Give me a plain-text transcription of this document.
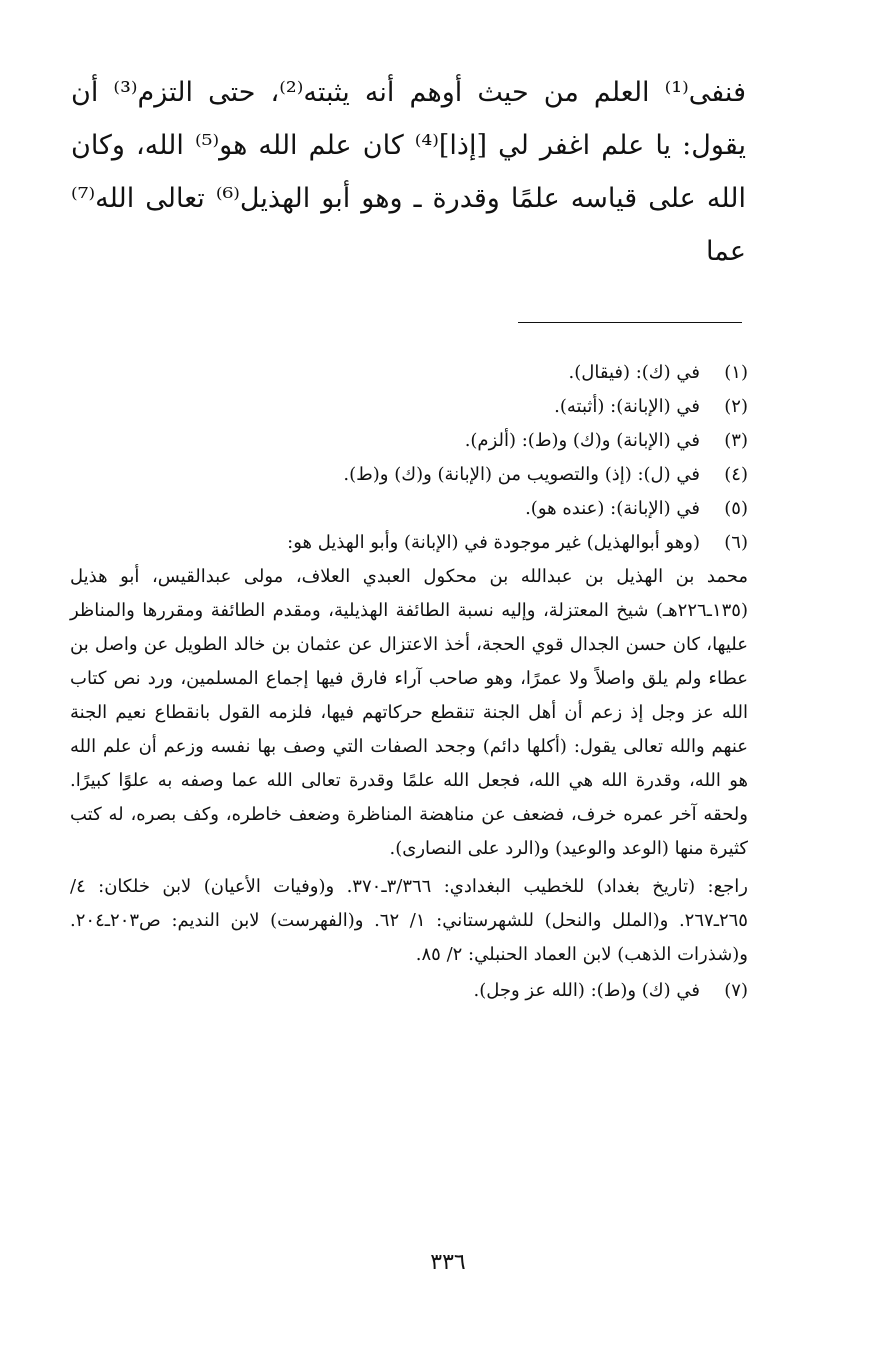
فنفى⁽¹⁾ العلم من حيث أوهم أنه يثبته⁽²⁾، حتى التزم⁽³⁾ أن يقول: يا علم اغفر لي [إذا]⁽⁴⁾ كان علم الله هو⁽⁵⁾ الله، وكان الله على قياسه علمًا وقدرة ـ وهو أبو الهذيل⁽⁶⁾ تعالى الله⁽⁷⁾ عما

(١)
في (ك): (فيقال).
(٢)
في (الإبانة): (أثبته).
(٣)
في (الإبانة) و(ك) و(ط): (ألزم).
(٤)
في (ل): (إذ) والتصويب من (الإبانة) و(ك) و(ط).
(٥)
في (الإبانة): (عنده هو).
(٦)
(وهو أبوالهذيل) غير موجودة في (الإبانة) وأبو الهذيل هو:

محمد بن الهذيل بن عبدالله بن محكول العبدي العلاف، مولى عبدالقيس، أبو هذيل (١٣٥ـ٢٢٦هـ) شيخ المعتزلة، وإليه نسبة الطائفة الهذيلية، ومقدم الطائفة ومقررها والمناظر عليها، كان حسن الجدال قوي الحجة، أخذ الاعتزال عن عثمان بن خالد الطويل عن واصل بن عطاء ولم يلق واصلاً ولا عمرًا، وهو صاحب آراء فارق فيها إجماع المسلمين، ورد نص كتاب الله عز وجل إذ زعم أن أهل الجنة تنقطع حركاتهم فيها، فلزمه القول بانقطاع نعيم الجنة عنهم والله تعالى يقول: (أكلها دائم) وجحد الصفات التي وصف بها نفسه وزعم أن علم الله هو الله، وقدرة الله هي الله، فجعل الله علمًا وقدرة تعالى الله عما وصفه به علوًا كبيرًا. ولحقه آخر عمره خرف، فضعف عن مناهضة المناظرة وضعف خاطره، وكف بصره، له كتب كثيرة منها (الوعد والوعيد) و(الرد على النصارى).

راجع: (تاريخ بغداد) للخطيب البغدادي: ٣/٣٦٦ـ٣٧٠. و(وفيات الأعيان) لابن خلكان: ٤/ ٢٦٥ـ٢٦٧. و(الملل والنحل) للشهرستاني: ١/ ٦٢. و(الفهرست) لابن النديم: ص٢٠٣ـ٢٠٤. و(شذرات الذهب) لابن العماد الحنبلي: ٢/ ٨٥.

(٧)
في (ك) و(ط): (الله عز وجل).
٣٣٦
